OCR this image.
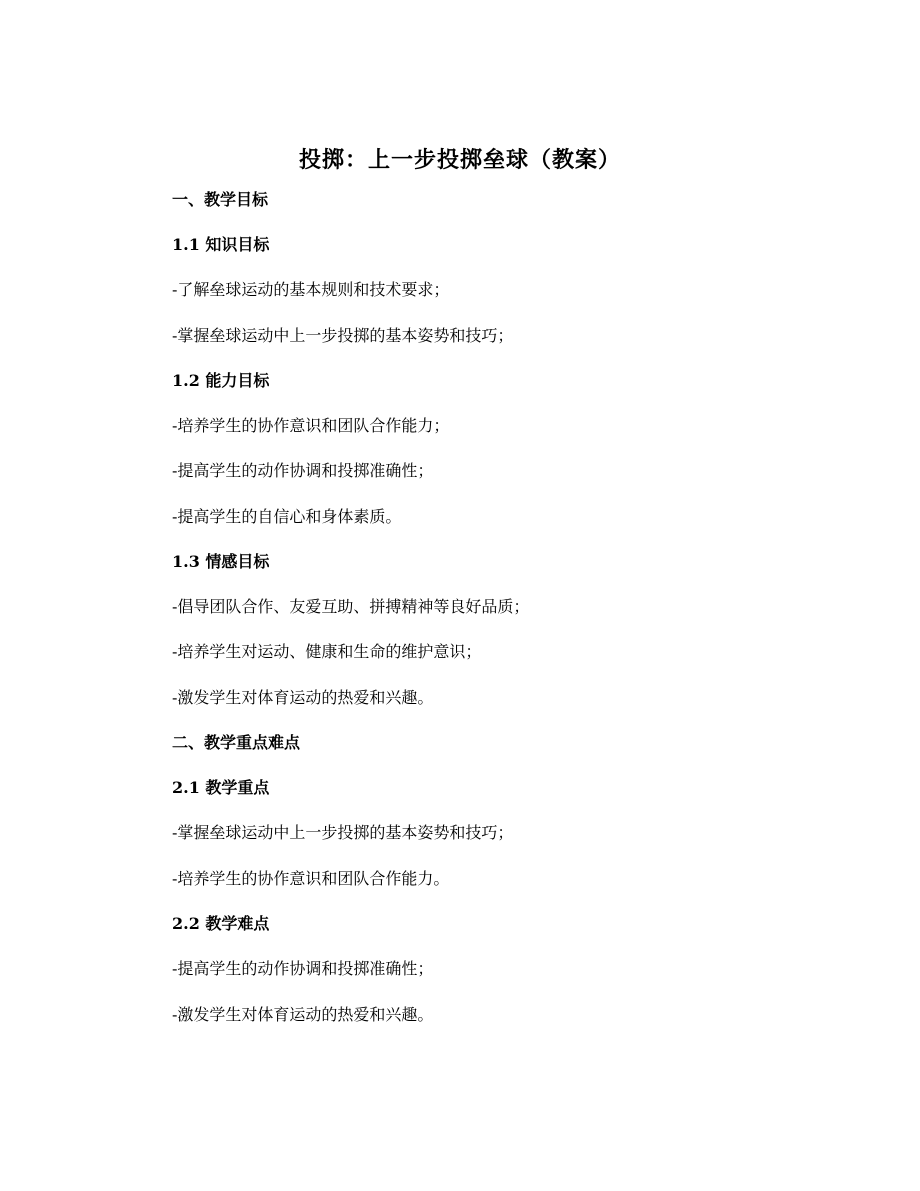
投掷：上一步投掷垒球（教案）
一、教学目标
1.1 知识目标
-了解垒球运动的基本规则和技术要求；
-掌握垒球运动中上一步投掷的基本姿势和技巧；
1.2 能力目标
-培养学生的协作意识和团队合作能力；
-提高学生的动作协调和投掷准确性；
-提高学生的自信心和身体素质。
1.3 情感目标
-倡导团队合作、友爱互助、拼搏精神等良好品质；
-培养学生对运动、健康和生命的维护意识；
-激发学生对体育运动的热爱和兴趣。
二、教学重点难点
2.1 教学重点
-掌握垒球运动中上一步投掷的基本姿势和技巧；
-培养学生的协作意识和团队合作能力。
2.2 教学难点
-提高学生的动作协调和投掷准确性；
-激发学生对体育运动的热爱和兴趣。
